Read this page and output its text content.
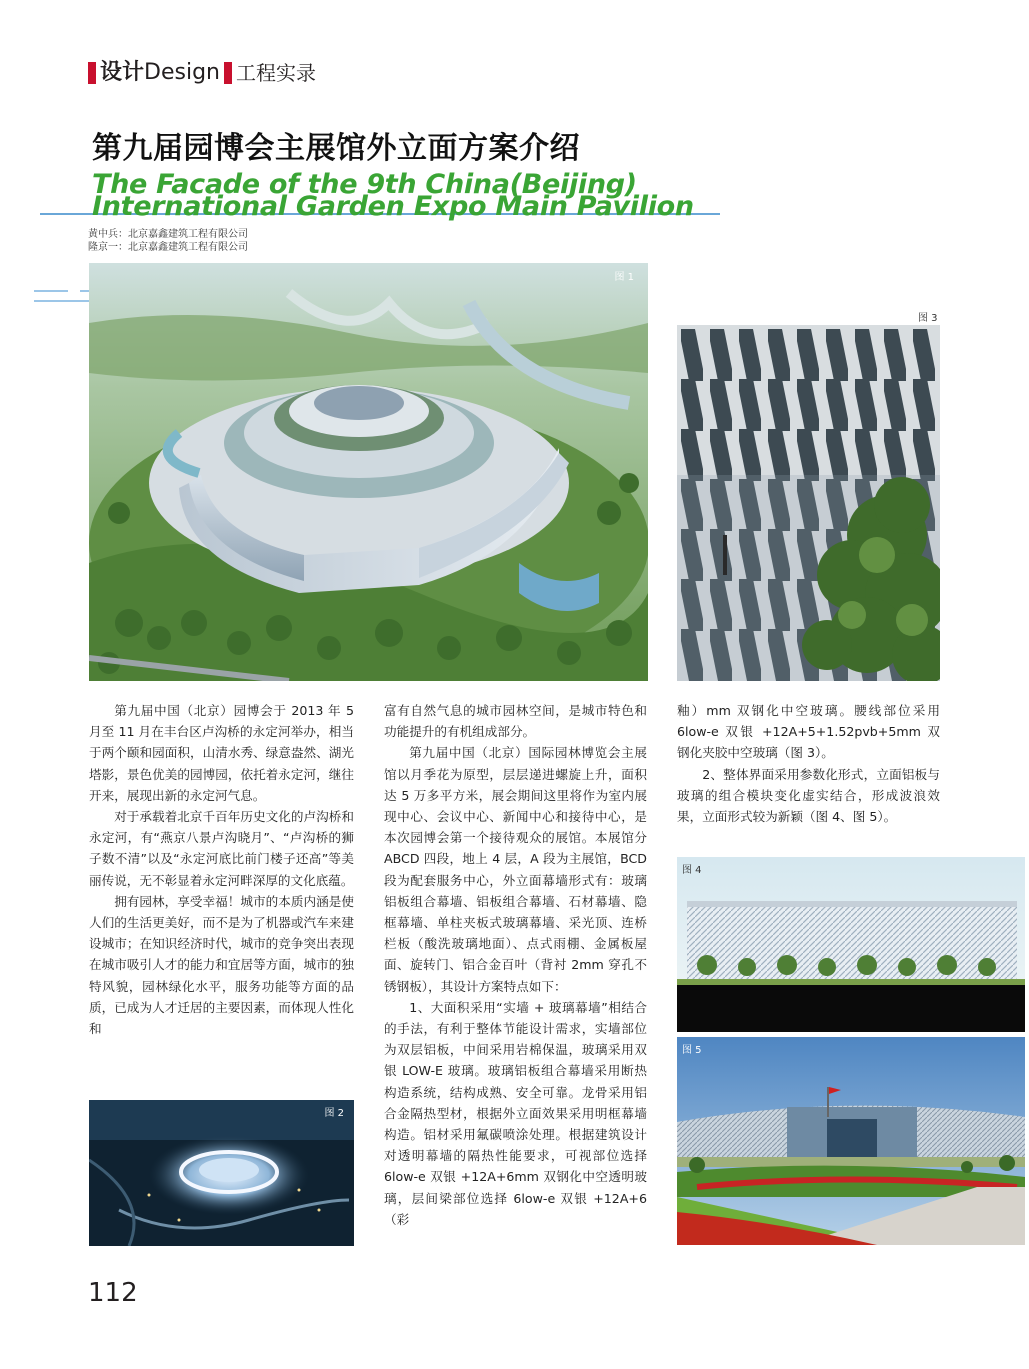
设计Design 工程实录
第九届园博会主展馆外立面方案介绍
The Facade of the 9th China(Beijing)
International Garden Expo Main Pavilion
黄中兵：北京嘉鑫建筑工程有限公司
隆京一：北京嘉鑫建筑工程有限公司
图 1
图 3

第九届中国（北京）园博会于 2013 年 5 月至 11 月在丰台区卢沟桥的永定河举办，相当于两个颐和园面积，山清水秀、绿意盎然、湖光塔影，景色优美的园博园，依托着永定河，继往开来，展现出新的永定河气息。

对于承载着北京千百年历史文化的卢沟桥和永定河，有“燕京八景卢沟晓月”、“卢沟桥的狮子数不清”以及“永定河底比前门楼子还高”等美丽传说，无不彰显着永定河畔深厚的文化底蕴。

拥有园林，享受幸福！城市的本质内涵是使人们的生活更美好，而不是为了机器或汽车来建设城市；在知识经济时代，城市的竞争突出表现在城市吸引人才的能力和宜居等方面，城市的独特风貌，园林绿化水平，服务功能等方面的品质，已成为人才迁居的主要因素，而体现人性化和

图 2

富有自然气息的城市园林空间，是城市特色和功能提升的有机组成部分。

第九届中国（北京）国际园林博览会主展馆以月季花为原型，层层递进螺旋上升，面积达 5 万多平方米，展会期间这里将作为室内展现中心、会议中心、新闻中心和接待中心，是本次园博会第一个接待观众的展馆。本展馆分 ABCD 四段，地上 4 层，A 段为主展馆，BCD 段为配套服务中心，外立面幕墙形式有：玻璃铝板组合幕墙、铝板组合幕墙、石材幕墙、隐框幕墙、单柱夹板式玻璃幕墙、采光顶、连桥栏板（酸洗玻璃地面）、点式雨棚、金属板屋面、旋转门、铝合金百叶（背衬 2mm 穿孔不锈钢板），其设计方案特点如下：

1、大面积采用“实墙 + 玻璃幕墙”相结合的手法，有利于整体节能设计需求，实墙部位为双层铝板，中间采用岩棉保温，玻璃采用双银 LOW-E 玻璃。玻璃铝板组合幕墙采用断热构造系统，结构成熟、安全可靠。龙骨采用铝合金隔热型材，根据外立面效果采用明框幕墙构造。铝材采用氟碳喷涂处理。根据建筑设计对透明幕墙的隔热性能要求，可视部位选择 6low-e 双银 +12A+6mm 双钢化中空透明玻璃，层间梁部位选择 6low-e 双银 +12A+6（彩

釉）mm 双钢化中空玻璃。腰线部位采用 6low-e 双银 +12A+5+1.52pvb+5mm 双钢化夹胶中空玻璃（图 3）。

2、整体界面采用参数化形式，立面铝板与玻璃的组合模块变化虚实结合，形成波浪效果，立面形式较为新颖（图 4、图 5）。

图 4
图 5
112
